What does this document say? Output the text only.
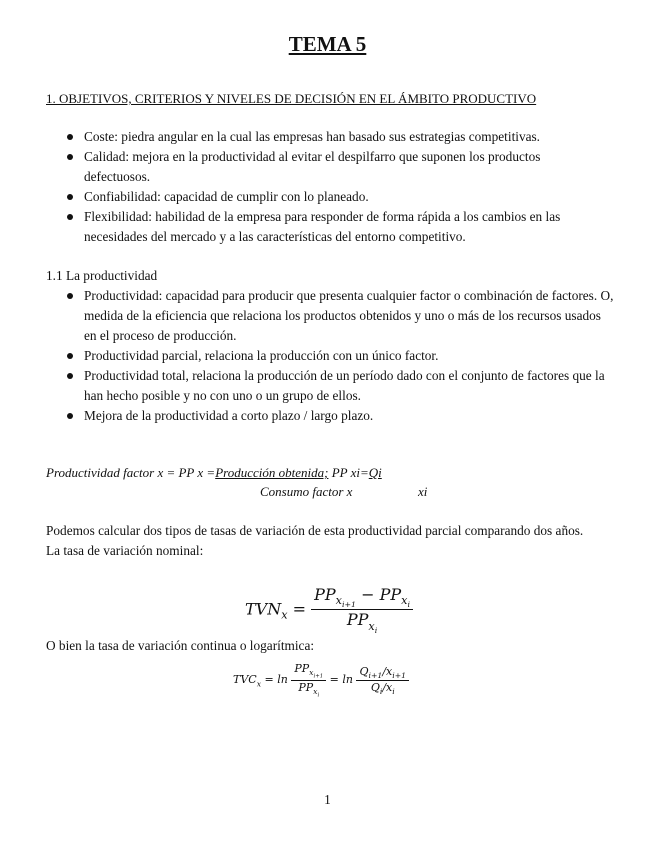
TEMA 5
1. OBJETIVOS, CRITERIOS Y NIVELES DE DECISIÓN EN EL ÁMBITO PRODUCTIVO
Coste: piedra angular en la cual las empresas han basado sus estrategias competitivas.
Calidad: mejora en la productividad al evitar el despilfarro que suponen los productos defectuosos.
Confiabilidad: capacidad de cumplir con lo planeado.
Flexibilidad: habilidad de la empresa para responder de forma rápida a los cambios en las necesidades del mercado y a las características del entorno competitivo.
1.1 La productividad
Productividad: capacidad para producir que presenta cualquier factor o combinación de factores. O, medida de la eficiencia que relaciona los productos obtenidos y uno o más de los recursos usados en el proceso de producción.
Productividad parcial, relaciona la producción con un único factor.
Productividad total, relaciona la producción de un período dado con el conjunto de factores que la han hecho posible y no con uno o un grupo de ellos.
Mejora de la productividad a corto plazo / largo plazo.
Productividad factor x = PP x =Producción obtenida; PP xi=Qi
Consumo factor x	xi
Podemos calcular dos tipos de tasas de variación de esta productividad parcial comparando dos años.
La tasa de variación nominal:
$TVN_x = \frac{PP_{x_{i+1}} - PP_{x_i}}{PP_{x_i}}$
O bien la tasa de variación continua o logarítmica:
$TVC_x = \ln \frac{PP_{x_{i+1}}}{PP_{x_i}} = \ln \frac{Q_{i+1}/x_{i+1}}{Q_i/x_i}$
1
